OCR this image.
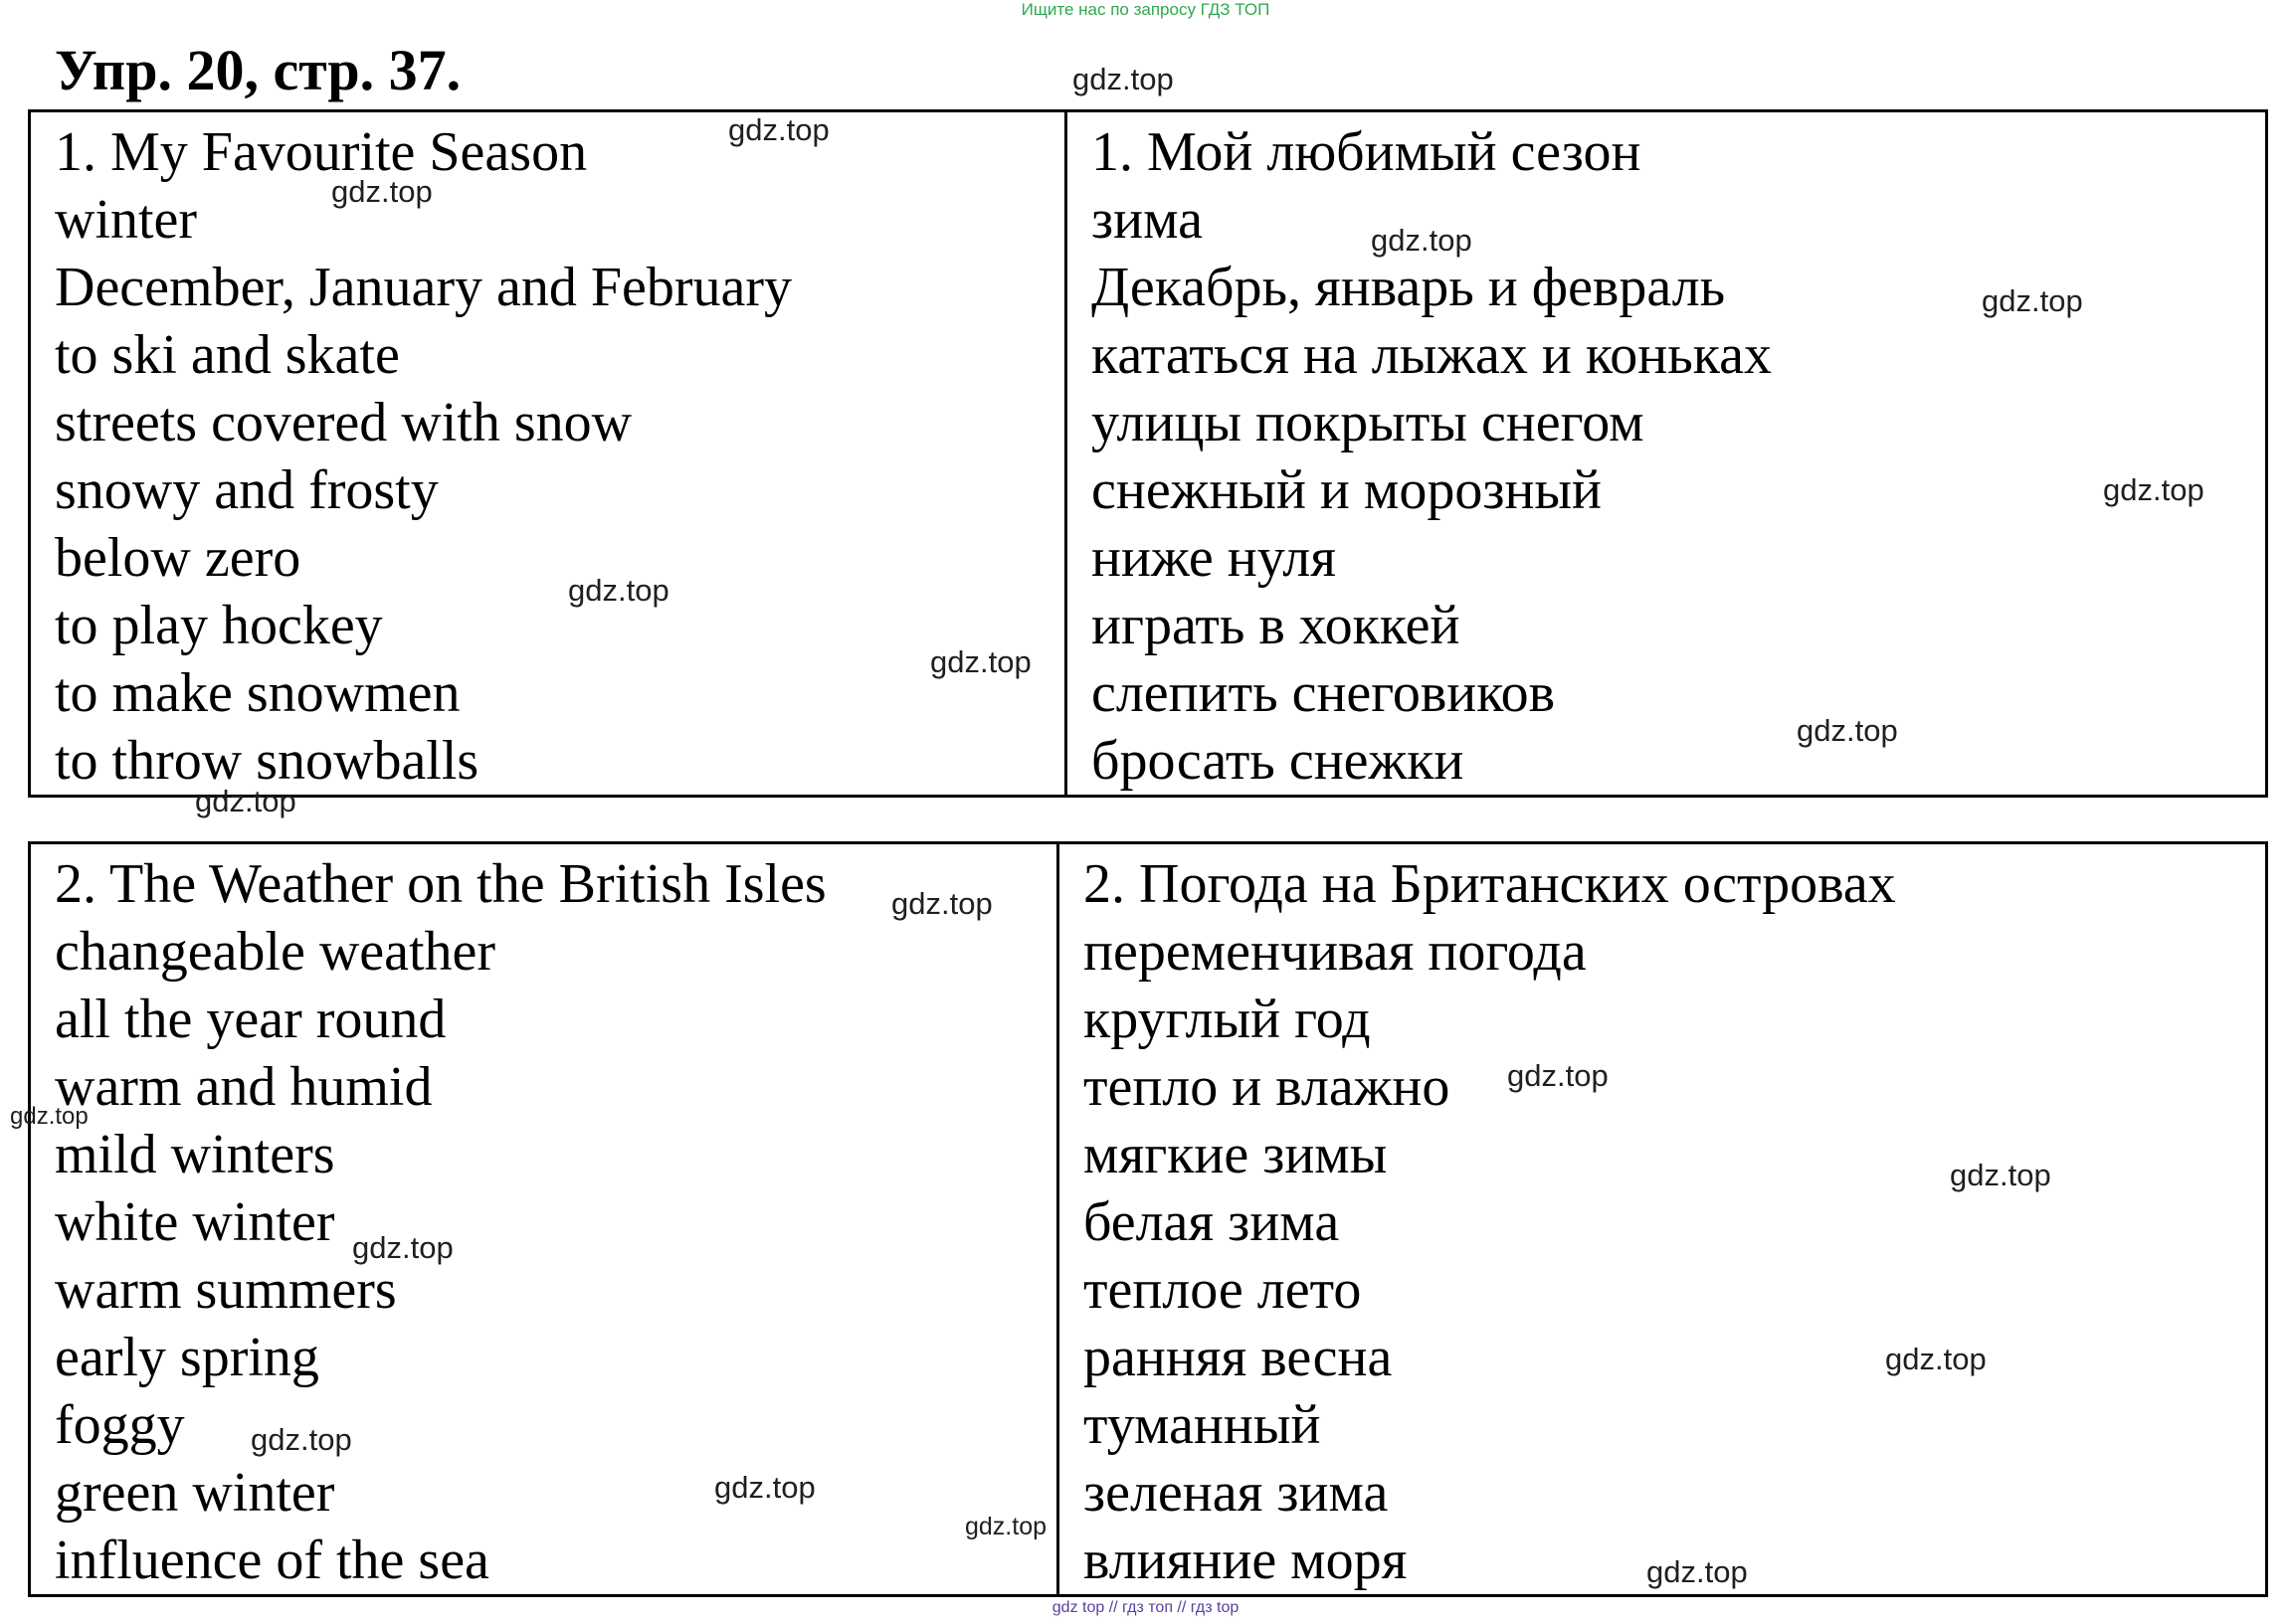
Ищите нас по запросу ГДЗ ТОП
Упр. 20, стр. 37.
1. My Favourite Season
winter
December, January and February
to ski and skate
streets covered with snow
snowy and frosty
below zero
to play hockey
to make snowmen
to throw snowballs

1. Мой любимый сезон
зима
Декабрь, январь и февраль
кататься на лыжах и коньках
улицы покрыты снегом
снежный и морозный
ниже нуля
играть в хоккей
слепить снеговиков
бросать снежки
2. The Weather on the British Isles
changeable weather
all the year round
warm and humid
mild winters
white winter
warm summers
early spring
foggy
green winter
influence of the sea

2. Погода на Британских островах
переменчивая погода
круглый год
тепло и влажно
мягкие зимы
белая зима
теплое лето
ранняя весна
туманный
зеленая зима
влияние моря
gdz.top
gdz.top
gdz.top
gdz.top
gdz.top
gdz.top
gdz.top
gdz.top
gdz.top
gdz.top
gdz.top
gdz.top
gdz.top
gdz.top
gdz.top
gdz.top
gdz.top
gdz.top
gdz.top
gdz.top
gdz top // гдз топ // гдз top
